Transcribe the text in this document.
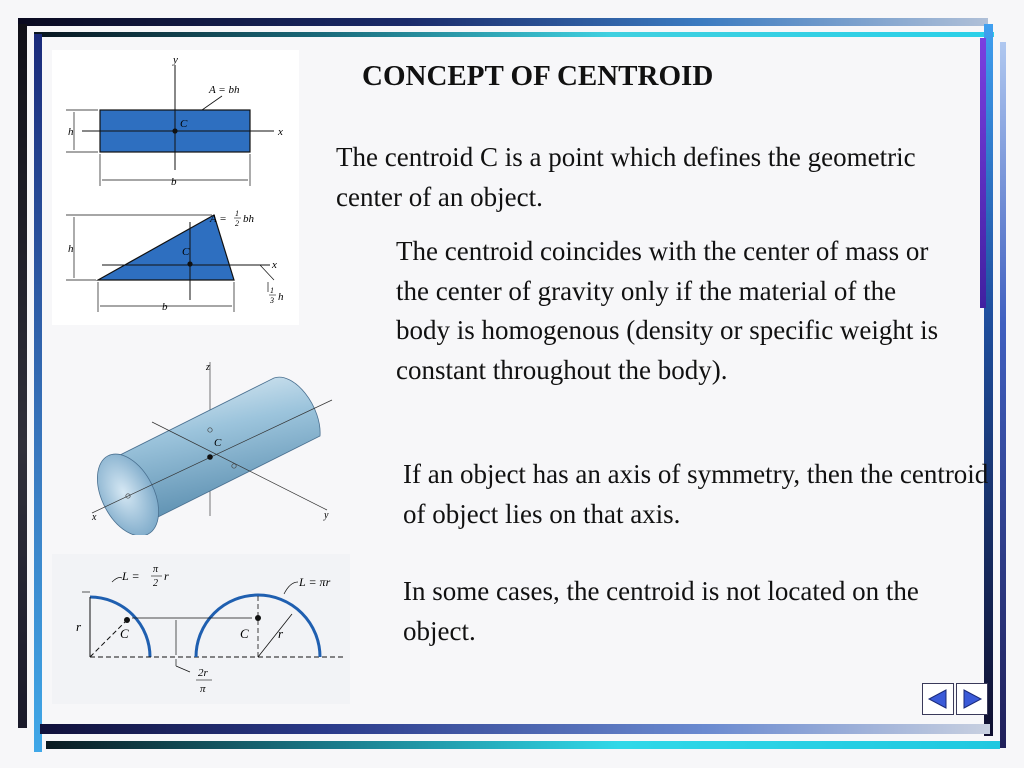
CONCEPT OF CENTROID
The centroid C is a point which defines the geometric center of an object.
The centroid coincides with the center of mass or the center of gravity only if the material of the body is homogenous (density or specific weight is constant throughout the body).
If an object has an axis of symmetry, then the centroid of object lies on that axis.
In some cases, the centroid is not located on the object.
y
x
C
A = bh
h
b
C
x
A = 1
2 bh
h
b
1
3 h
z
C
x	y
C
r
L = π
2
r
C r
L = πr
2r
π
